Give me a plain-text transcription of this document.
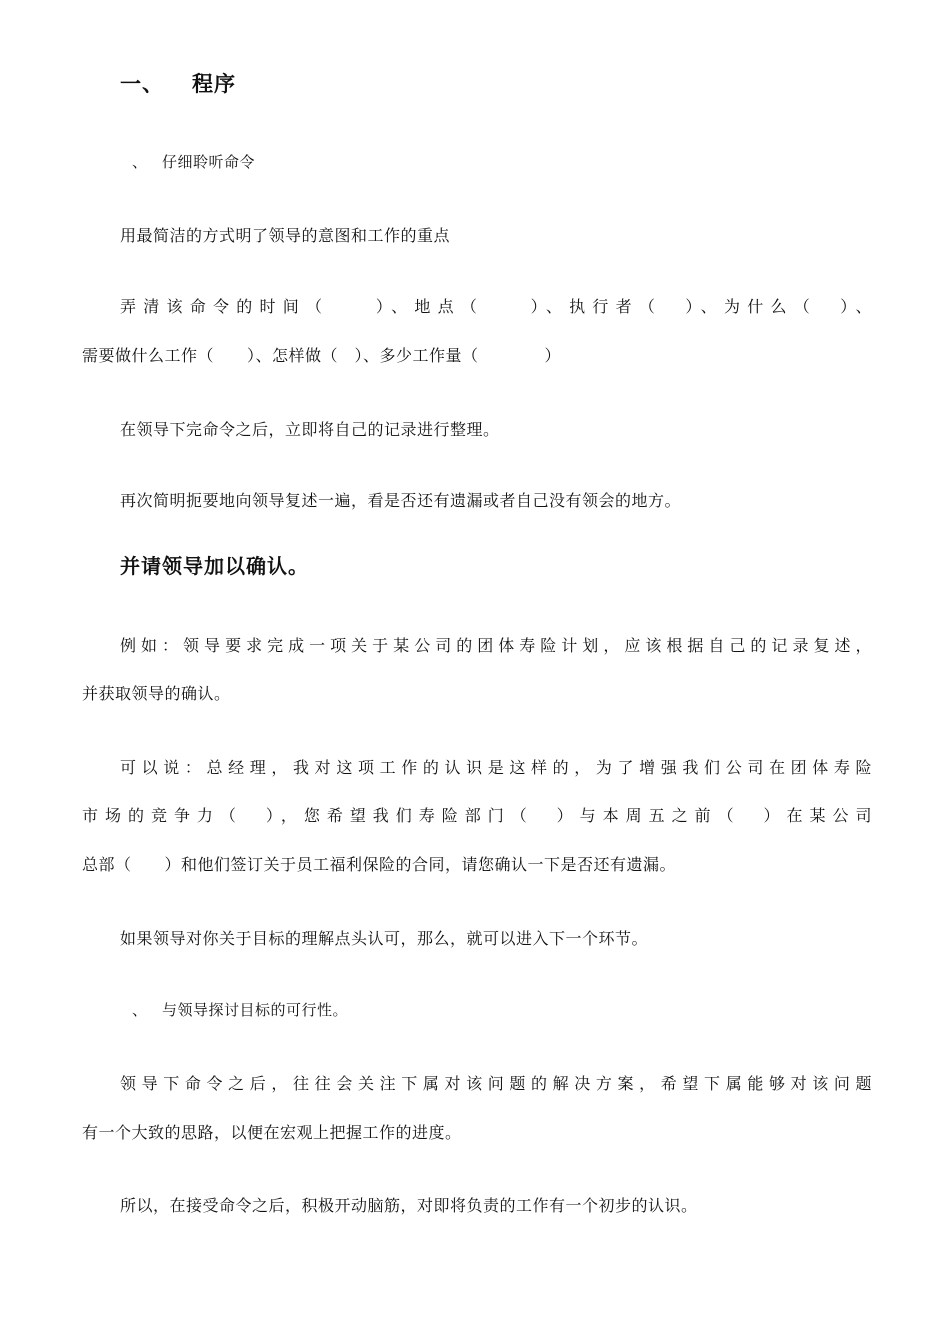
一、 程序
、 仔细聆听命令
用最简洁的方式明了领导的意图和工作的重点
弄清该命令的时间（　　）、地点（　　）、执行者（　）、为什么（　）、
需要做什么工作（　　）、怎样做（　）、多少工作量（　　　　）
在领导下完命令之后，立即将自己的记录进行整理。
再次简明扼要地向领导复述一遍，看是否还有遗漏或者自己没有领会的地方。
并请领导加以确认。
例如：领导要求完成一项关于某公司的团体寿险计划，应该根据自己的记录复述，
并获取领导的确认。
可以说：总经理，我对这项工作的认识是这样的，为了增强我们公司在团体寿险
市场的竞争力（　），您希望我们寿险部门（　）与本周五之前（　）在某公司
总部（　　）和他们签订关于员工福利保险的合同，请您确认一下是否还有遗漏。
如果领导对你关于目标的理解点头认可，那么，就可以进入下一个环节。
、 与领导探讨目标的可行性。
领导下命令之后，往往会关注下属对该问题的解决方案，希望下属能够对该问题
有一个大致的思路，以便在宏观上把握工作的进度。
所以，在接受命令之后，积极开动脑筋，对即将负责的工作有一个初步的认识。
